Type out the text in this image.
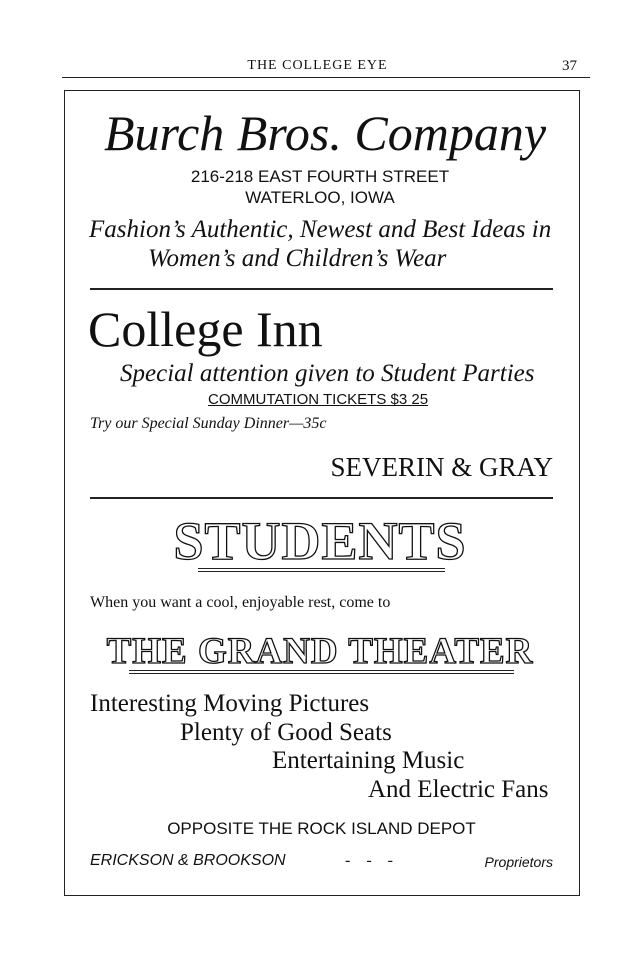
THE COLLEGE EYE	37
Burch Bros. Company
216-218 EAST FOURTH STREET
WATERLOO, IOWA
Fashion’s Authentic, Newest and Best Ideas in
Women’s and Children’s Wear
College Inn
Special attention given to Student Parties
COMMUTATION TICKETS $3 25
Try our Special Sunday Dinner—35c
SEVERIN & GRAY
STUDENTS
When you want a cool, enjoyable rest, come to
THE GRAND THEATER
Interesting Moving Pictures
Plenty of Good Seats
Entertaining Music
And Electric Fans
OPPOSITE THE ROCK ISLAND DEPOT
ERICKSON & BROOKSON	-    -    -	Proprietors
